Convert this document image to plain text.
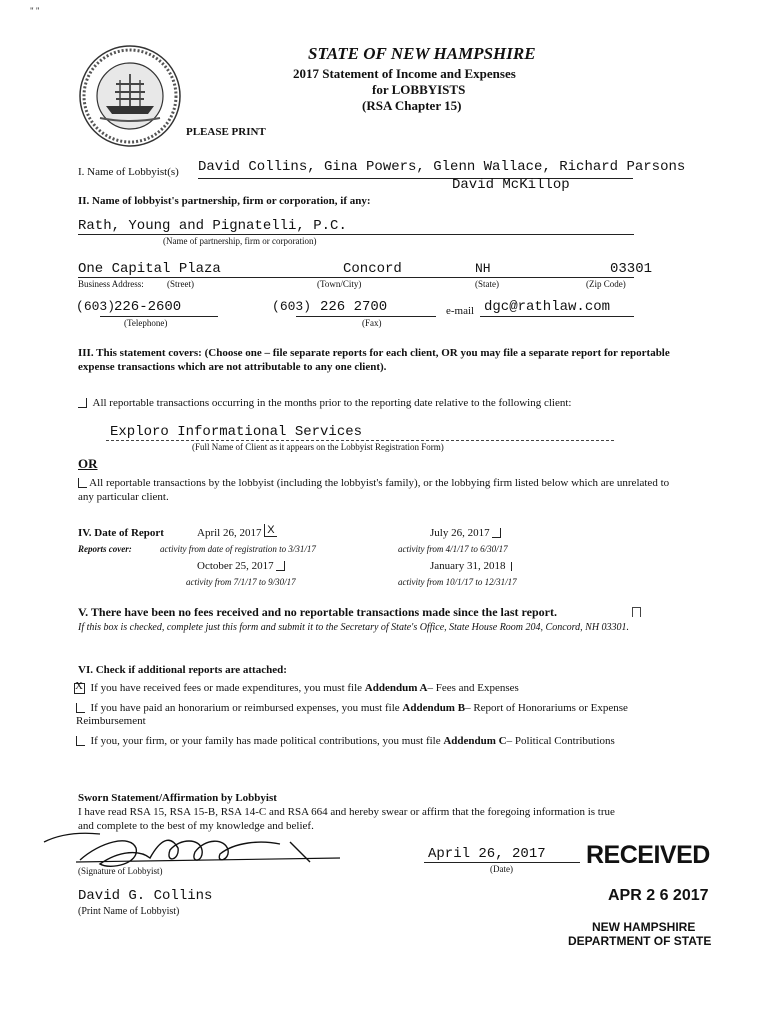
" "
STATE OF NEW HAMPSHIRE
2017 Statement of Income and Expenses
for LOBBYISTS
(RSA Chapter 15)
PLEASE PRINT
I. Name of Lobbyist(s) David Collins, Gina Powers, Glenn Wallace, Richard Parsons
David McKillop
II. Name of lobbyist's partnership, firm or corporation, if any:
Rath, Young and Pignatelli, P.C.
(Name of partnership, firm or corporation)
One Capital Plaza	Concord	NH	03301
Business Address:	(Street)	(Town/City)	(State)	(Zip Code)
(603)
226-2600
(Telephone)
(603) 226 2700
(Fax)
e-mail dgc@rathlaw.com
III. This statement covers: (Choose one – file separate reports for each client, OR you may file a separate report for reportable expense transactions which are not attributable to any one client).
All reportable transactions occurring in the months prior to the reporting date relative to the following client:
Exploro Informational Services
(Full Name of Client as it appears on the Lobbyist Registration Form)
OR
All reportable transactions by the lobbyist (including the lobbyist's family), or the lobbying firm listed below which are unrelated to any particular client.
IV. Date of Report
Reports cover:
April 26, 2017 X
activity from date of registration to 3/31/17
July 26, 2017
activity from 4/1/17 to 6/30/17
October 25, 2017
activity from 7/1/17 to 9/30/17
January 31, 2018
activity from 10/1/17 to 12/31/17
V. There have been no fees received and no reportable transactions made since the last report.
If this box is checked, complete just this form and submit it to the Secretary of State's Office, State House Room 204, Concord, NH 03301.
VI. Check if additional reports are attached:
X If you have received fees or made expenditures, you must file Addendum A– Fees and Expenses
If you have paid an honorarium or reimbursed expenses, you must file Addendum B– Report of Honorariums or Expense Reimbursement
If you, your firm, or your family has made political contributions, you must file Addendum C– Political Contributions
Sworn Statement/Affirmation by Lobbyist
I have read RSA 15, RSA 15-B, RSA 14-C and RSA 664 and hereby swear or affirm that the foregoing information is true
and complete to the best of my knowledge and belief.
(Signature of Lobbyist)
April 26, 2017
(Date)
David G. Collins
(Print Name of Lobbyist)
RECEIVED
APR 2 6 2017
NEW HAMPSHIRE
DEPARTMENT OF STATE
